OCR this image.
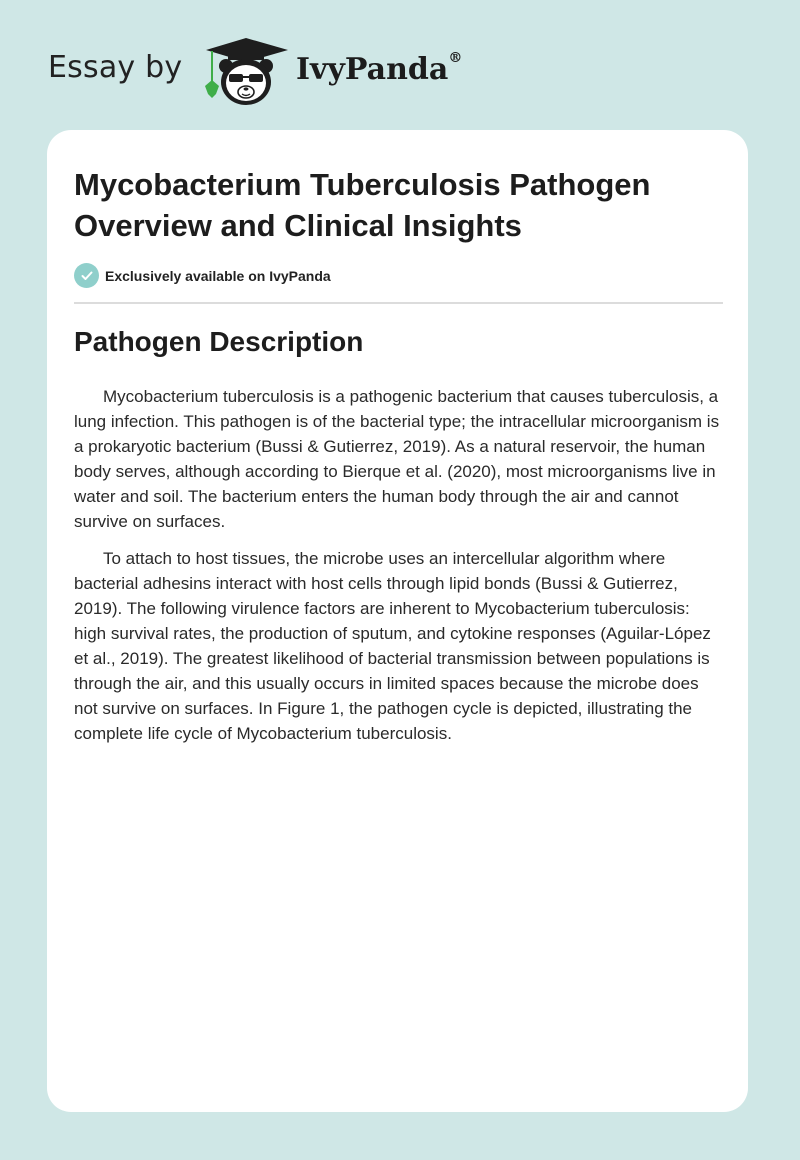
Essay by	IvyPanda®
Mycobacterium Tuberculosis Pathogen Overview and Clinical Insights
Exclusively available on IvyPanda
Pathogen Description

Mycobacterium tuberculosis is a pathogenic bacterium that causes tuberculosis, a lung infection. This pathogen is of the bacterial type; the intracellular microorganism is a prokaryotic bacterium (Bussi & Gutierrez, 2019). As a natural reservoir, the human body serves, although according to Bierque et al. (2020), most microorganisms live in water and soil. The bacterium enters the human body through the air and cannot survive on surfaces.

To attach to host tissues, the microbe uses an intercellular algorithm where bacterial adhesins interact with host cells through lipid bonds (Bussi & Gutierrez, 2019). The following virulence factors are inherent to Mycobacterium tuberculosis: high survival rates, the production of sputum, and cytokine responses (Aguilar-López et al., 2019). The greatest likelihood of bacterial transmission between populations is through the air, and this usually occurs in limited spaces because the microbe does not survive on surfaces. In Figure 1, the pathogen cycle is depicted, illustrating the complete life cycle of Mycobacterium tuberculosis.
